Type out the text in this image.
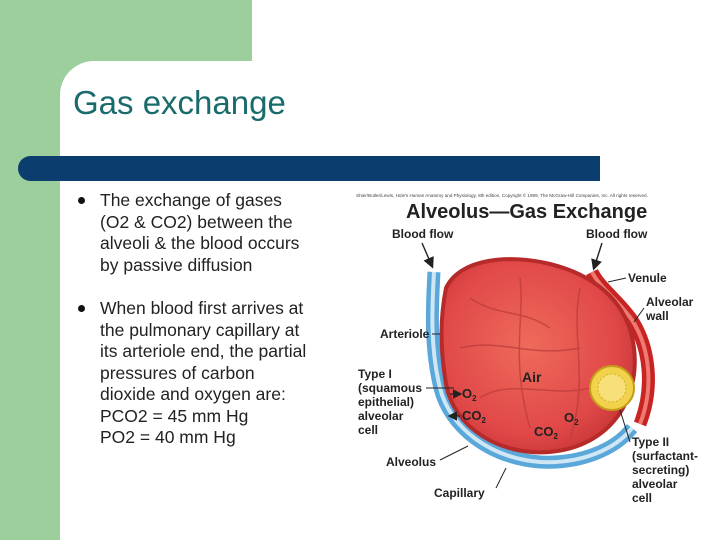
Gas exchange
The exchange of gases
(O2 & CO2) between the
alveoli & the blood occurs
by passive diffusion
When blood first arrives at
the pulmonary capillary at
its arteriole end, the partial
pressures of carbon
dioxide and oxygen are:
PCO2 = 45 mm Hg
PO2 = 40 mm Hg
Shier/Butler/Lewis, Hole's Human Anatomy and Physiology, 8th edition, Copyright © 1999, The McGraw-Hill Companies, Inc. All rights reserved.
Alveolus—Gas Exchange
Blood flow	Blood flow
Venule
Alveolar
wall
Arteriole
Type I
(squamous
epithelial)
alveolar
cell
$O_2$
$CO_2$
Air
$O_2$
$CO_2$
Alveolus
Capillary
Type II
(surfactant-
secreting)
alveolar
cell
